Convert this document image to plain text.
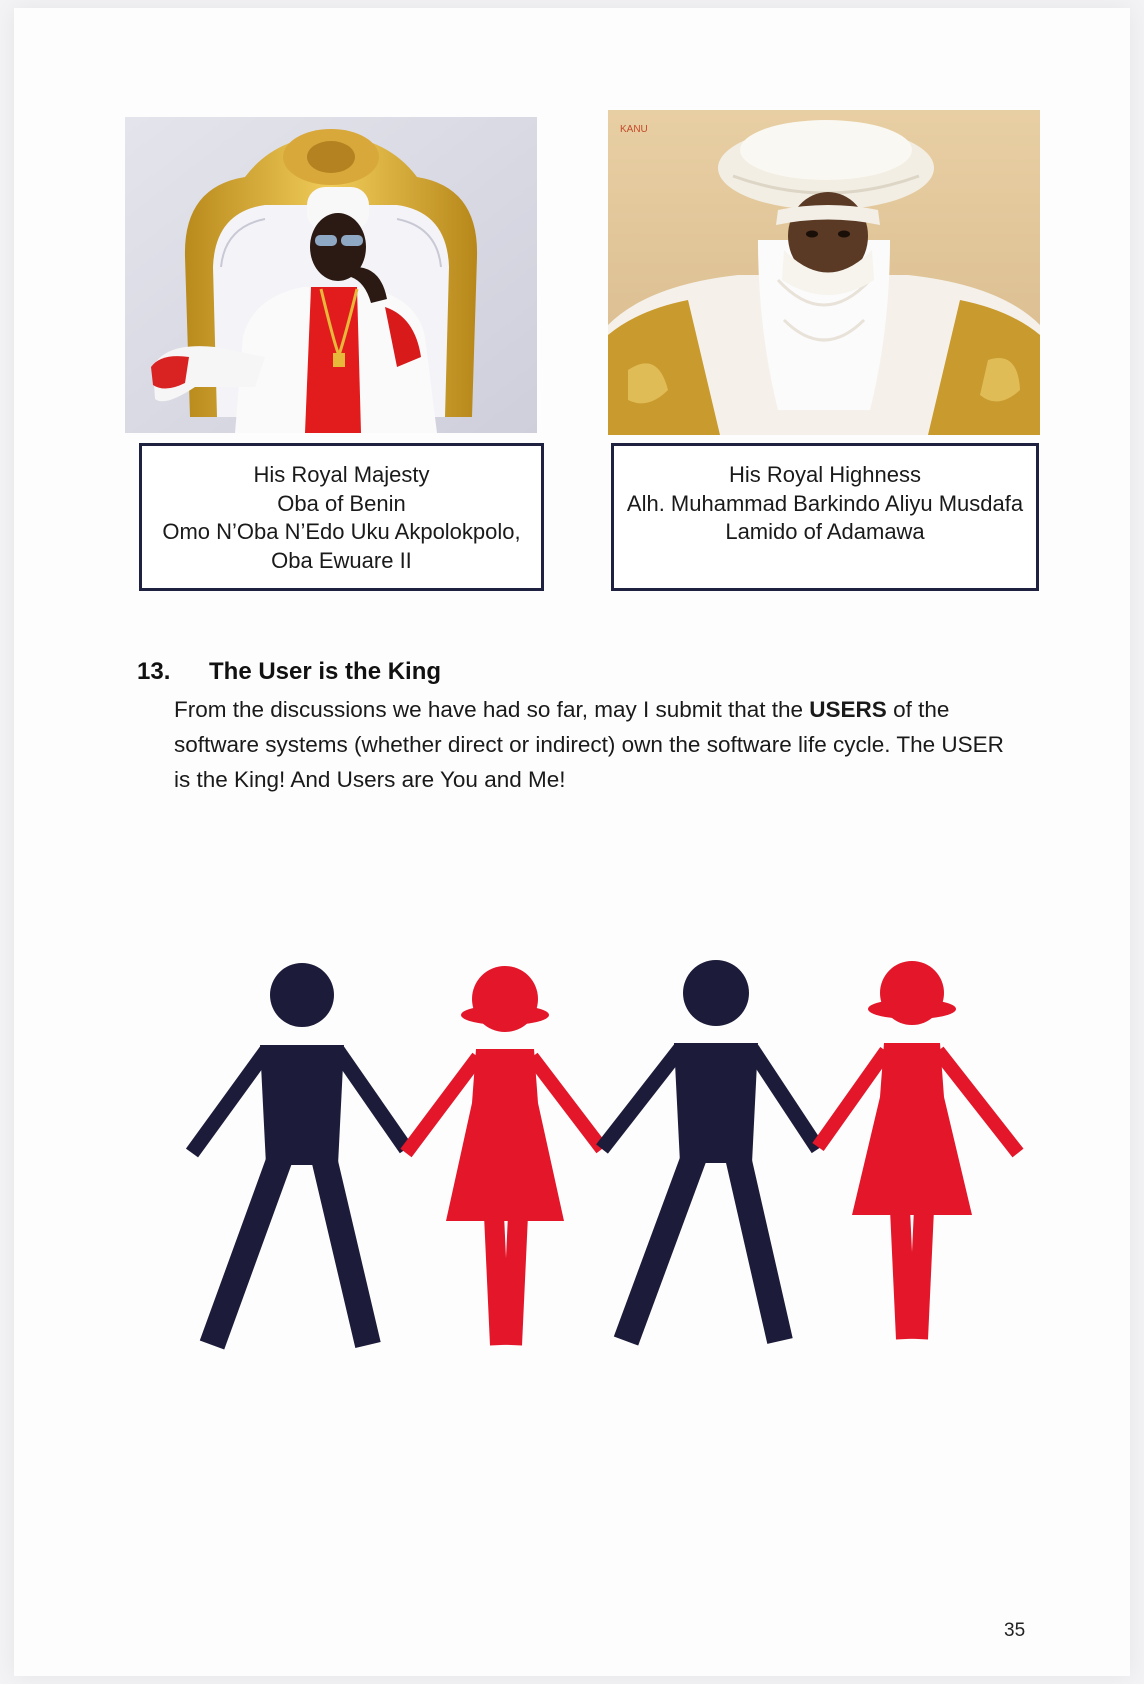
KANU
His Royal Majesty
Oba of Benin
Omo N’Oba N’Edo Uku Akpolokpolo,
Oba Ewuare II
His Royal Highness
Alh. Muhammad Barkindo Aliyu Musdafa
Lamido of Adamawa
13. The User is the King

From the discussions we have had so far, may I submit that the USERS of the

software systems (whether direct or indirect) own the software life cycle. The USER

is the King! And Users are You and Me!

35
